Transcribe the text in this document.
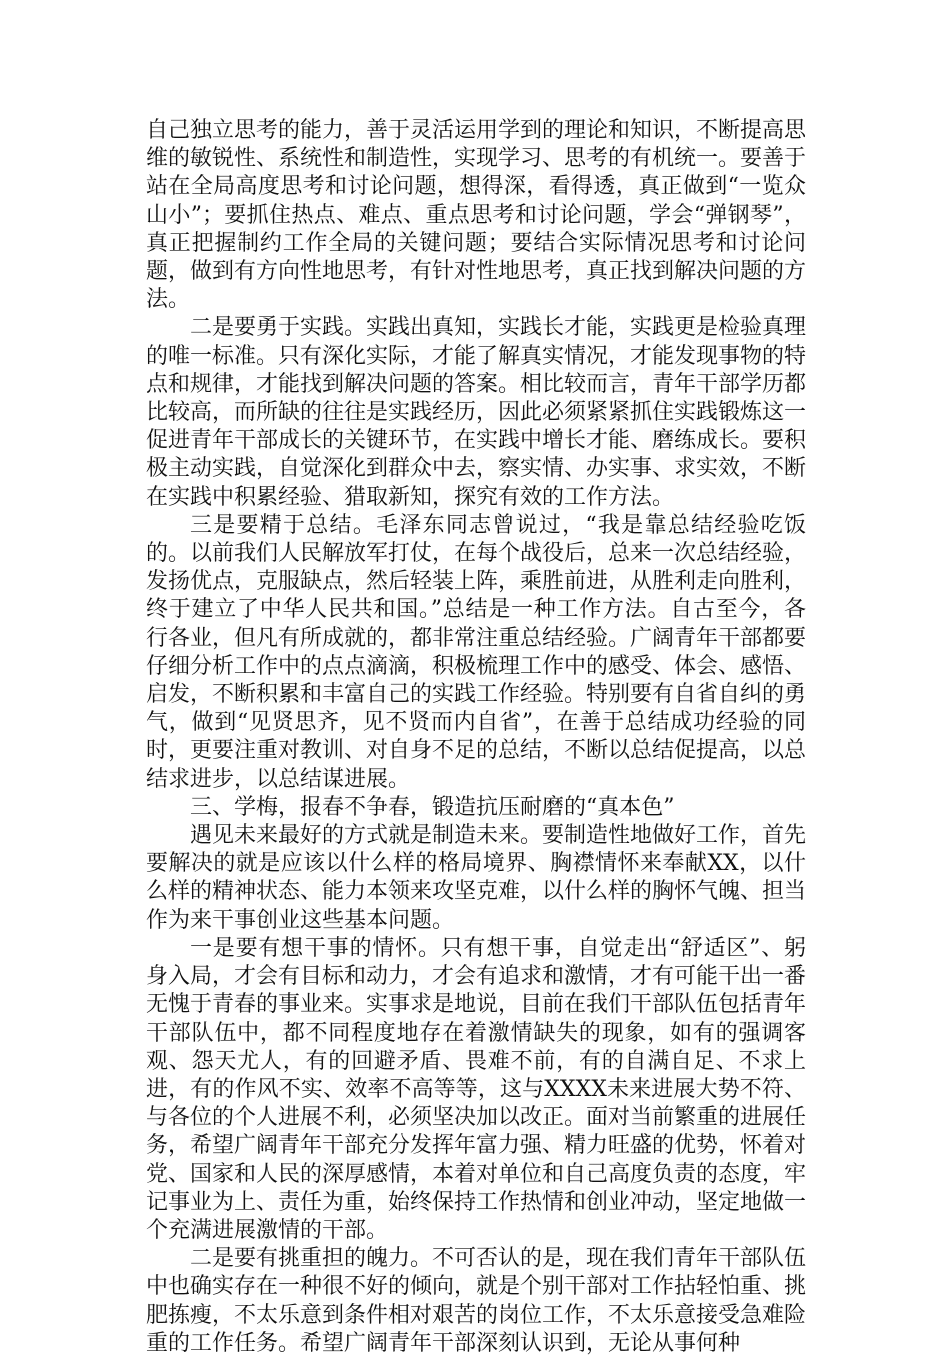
自己独立思考的能力，善于灵活运用学到的理论和知识，不断提高思维的敏锐性、系统性和制造性，实现学习、思考的有机统一。要善于站在全局高度思考和讨论问题，想得深，看得透，真正做到“一览众山小”；要抓住热点、难点、重点思考和讨论问题，学会“弹钢琴”，真正把握制约工作全局的关键问题；要结合实际情况思考和讨论问题，做到有方向性地思考，有针对性地思考，真正找到解决问题的方法。

二是要勇于实践。实践出真知，实践长才能，实践更是检验真理的唯一标准。只有深化实际，才能了解真实情况，才能发现事物的特点和规律，才能找到解决问题的答案。相比较而言，青年干部学历都比较高，而所缺的往往是实践经历，因此必须紧紧抓住实践锻炼这一促进青年干部成长的关键环节，在实践中增长才能、磨练成长。要积极主动实践，自觉深化到群众中去，察实情、办实事、求实效，不断在实践中积累经验、猎取新知，探究有效的工作方法。

三是要精于总结。毛泽东同志曾说过，“我是靠总结经验吃饭的。以前我们人民解放军打仗，在每个战役后，总来一次总结经验，发扬优点，克服缺点，然后轻装上阵，乘胜前进，从胜利走向胜利，终于建立了中华人民共和国。”总结是一种工作方法。自古至今，各行各业，但凡有所成就的，都非常注重总结经验。广阔青年干部都要仔细分析工作中的点点滴滴，积极梳理工作中的感受、体会、感悟、启发，不断积累和丰富自己的实践工作经验。特别要有自省自纠的勇气，做到“见贤思齐，见不贤而内自省”，在善于总结成功经验的同时，更要注重对教训、对自身不足的总结，不断以总结促提高，以总结求进步，以总结谋进展。

三、学梅，报春不争春，锻造抗压耐磨的“真本色”

遇见未来最好的方式就是制造未来。要制造性地做好工作，首先要解决的就是应该以什么样的格局境界、胸襟情怀来奉献XX，以什么样的精神状态、能力本领来攻坚克难，以什么样的胸怀气魄、担当作为来干事创业这些基本问题。

一是要有想干事的情怀。只有想干事，自觉走出“舒适区”、躬身入局，才会有目标和动力，才会有追求和激情，才有可能干出一番无愧于青春的事业来。实事求是地说，目前在我们干部队伍包括青年干部队伍中，都不同程度地存在着激情缺失的现象，如有的强调客观、怨天尤人，有的回避矛盾、畏难不前，有的自满自足、不求上进，有的作风不实、效率不高等等，这与XXXX未来进展大势不符、与各位的个人进展不利，必须坚决加以改正。面对当前繁重的进展任务，希望广阔青年干部充分发挥年富力强、精力旺盛的优势，怀着对党、国家和人民的深厚感情，本着对单位和自己高度负责的态度，牢记事业为上、责任为重，始终保持工作热情和创业冲动，坚定地做一个充满进展激情的干部。

二是要有挑重担的魄力。不可否认的是，现在我们青年干部队伍中也确实存在一种很不好的倾向，就是个别干部对工作拈轻怕重、挑肥拣瘦，不太乐意到条件相对艰苦的岗位工作，不太乐意接受急难险重的工作任务。希望广阔青年干部深刻认识到，无论从事何种
